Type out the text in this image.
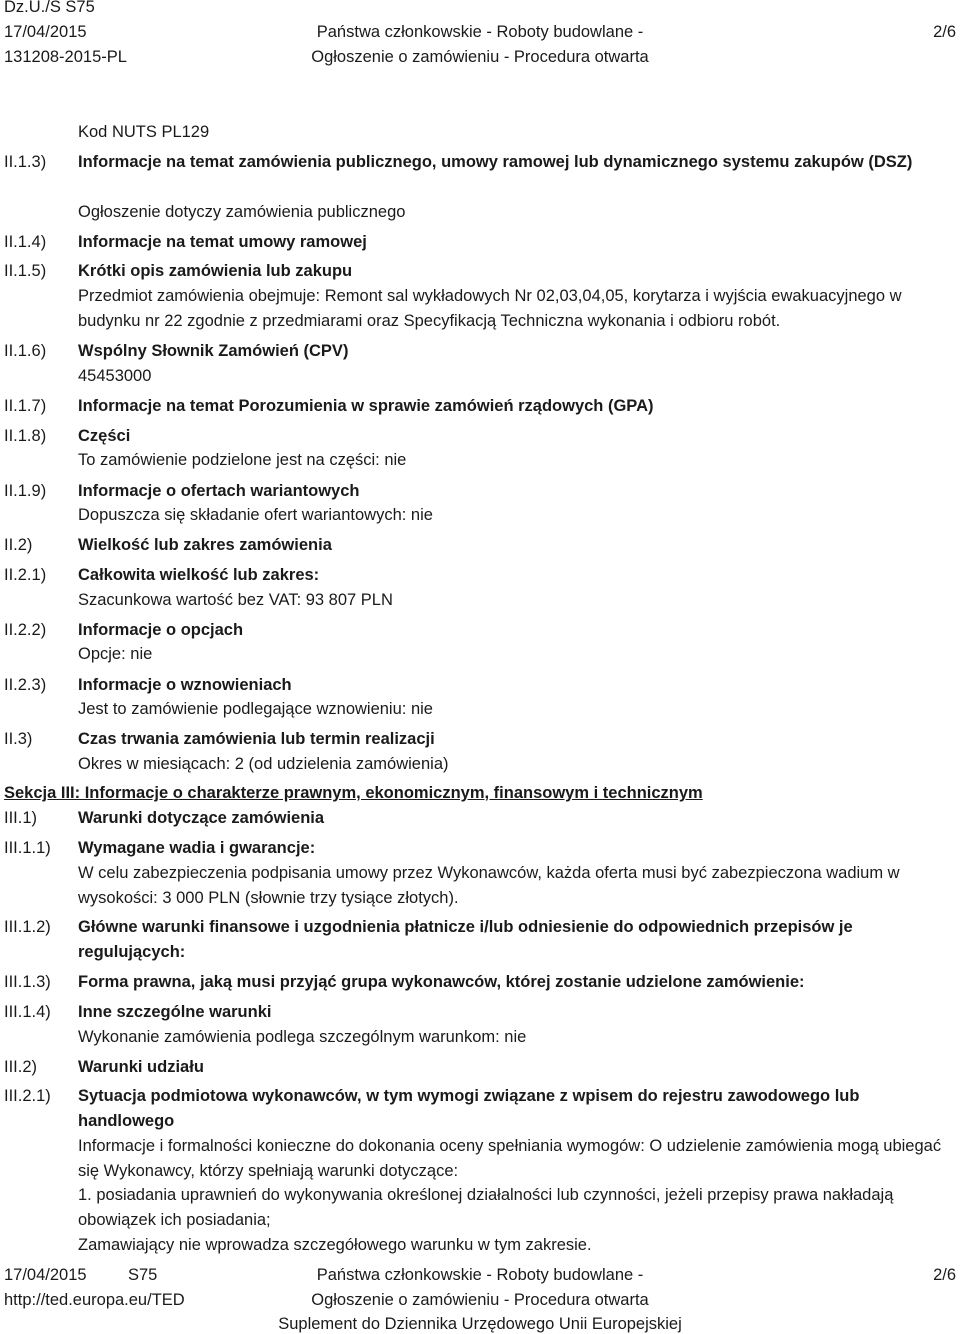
Dz.U./S S75
17/04/2015
131208-2015-PL
Państwa członkowskie - Roboty budowlane -
Ogłoszenie o zamówieniu - Procedura otwarta
2/6
II.1.3)
II.1.4)
II.1.5)
II.1.6)
II.1.7)
II.1.8)
II.1.9)
II.2)
II.2.1)
II.2.2)
II.2.3)
II.3)
III.1)
III.1.1)
III.1.2)
III.1.3)
III.1.4)
III.2)
III.2.1)
Kod NUTS PL129
Informacje na temat zamówienia publicznego, umowy ramowej lub dynamicznego systemu zakupów (DSZ)
Ogłoszenie dotyczy zamówienia publicznego
Informacje na temat umowy ramowej
Krótki opis zamówienia lub zakupu
Przedmiot zamówienia obejmuje: Remont sal wykładowych Nr 02,03,04,05, korytarza i wyjścia ewakuacyjnego w budynku nr 22 zgodnie z przedmiarami oraz Specyfikacją Techniczna wykonania i odbioru robót.
Wspólny Słownik Zamówień (CPV)
45453000
Informacje na temat Porozumienia w sprawie zamówień rządowych (GPA)
Części
To zamówienie podzielone jest na części: nie
Informacje o ofertach wariantowych
Dopuszcza się składanie ofert wariantowych: nie
Wielkość lub zakres zamówienia
Całkowita wielkość lub zakres:
Szacunkowa wartość bez VAT: 93 807 PLN
Informacje o opcjach
Opcje: nie
Informacje o wznowieniach
Jest to zamówienie podlegające wznowieniu: nie
Czas trwania zamówienia lub termin realizacji
Okres w miesiącach: 2 (od udzielenia zamówienia)
Sekcja III: Informacje o charakterze prawnym, ekonomicznym, finansowym i technicznym
Warunki dotyczące zamówienia
Wymagane wadia i gwarancje:
W celu zabezpieczenia podpisania umowy przez Wykonawców, każda oferta musi być zabezpieczona wadium w wysokości: 3 000 PLN (słownie trzy tysiące złotych).
Główne warunki finansowe i uzgodnienia płatnicze i/lub odniesienie do odpowiednich przepisów je regulujących:
Forma prawna, jaką musi przyjąć grupa wykonawców, której zostanie udzielone zamówienie:
Inne szczególne warunki
Wykonanie zamówienia podlega szczególnym warunkom: nie
Warunki udziału
Sytuacja podmiotowa wykonawców, w tym wymogi związane z wpisem do rejestru zawodowego lub handlowego
Informacje i formalności konieczne do dokonania oceny spełniania wymogów: O udzielenie zamówienia mogą ubiegać się Wykonawcy, którzy spełniają warunki dotyczące:
1. posiadania uprawnień do wykonywania określonej działalności lub czynności, jeżeli przepisy prawa nakładają obowiązek ich posiadania;
Zamawiający nie wprowadza szczegółowego warunku w tym zakresie.
17/04/2015	S75
http://ted.europa.eu/TED
Państwa członkowskie - Roboty budowlane -
Ogłoszenie o zamówieniu - Procedura otwarta
Suplement do Dziennika Urzędowego Unii Europejskiej
2/6
